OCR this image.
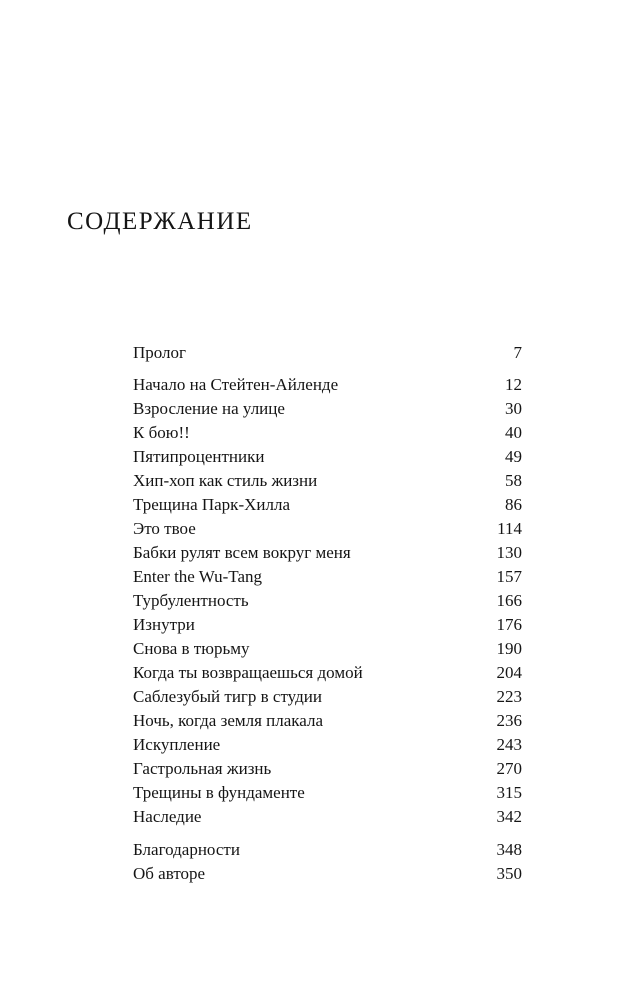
СОДЕРЖАНИЕ
Пролог	7
Начало на Стейтен-Айленде	12
Взросление на улице	30
К бою!!	40
Пятипроцентники	49
Хип-хоп как стиль жизни	58
Трещина Парк-Хилла	86
Это твое	114
Бабки рулят всем вокруг меня	130
Enter the Wu-Tang	157
Турбулентность	166
Изнутри	176
Снова в тюрьму	190
Когда ты возвращаешься домой	204
Саблезубый тигр в студии	223
Ночь, когда земля плакала	236
Искупление	243
Гастрольная жизнь	270
Трещины в фундаменте	315
Наследие	342
Благодарности	348
Об авторе	350
